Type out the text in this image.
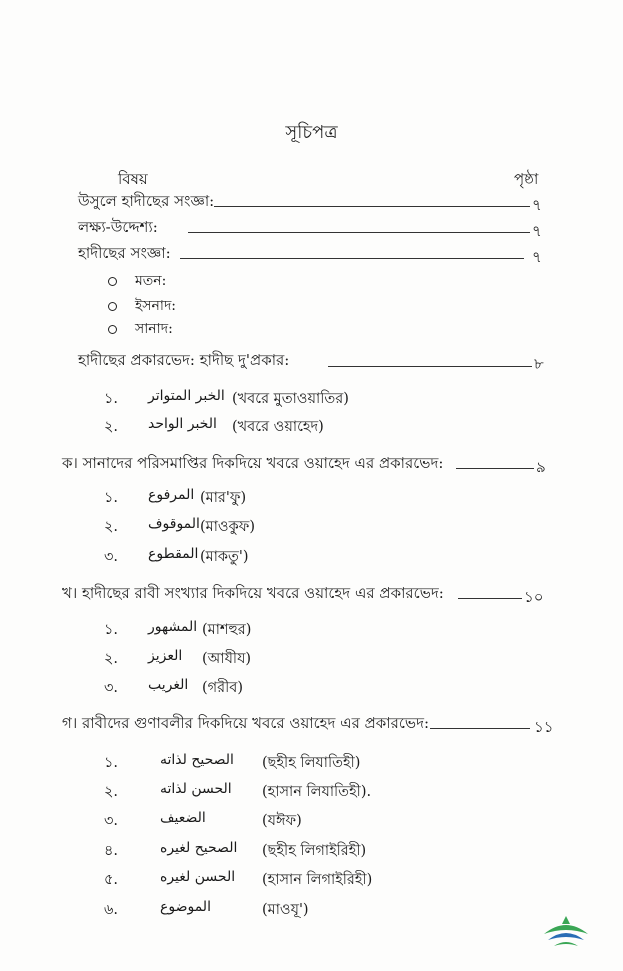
সূচিপত্র
বিষয়	পৃষ্ঠা
উসুলে হাদীছের সংজ্ঞা:	৭
লক্ষ্য-উদ্দেশ্য:	৭
হাদীছের সংজ্ঞা:	৭
মতন:
ইসনাদ:
সানাদ:
হাদীছের প্রকারভেদ: হাদীছ দু'প্রকার:	৮
১. الخبر المتواتر (খবরে মুতাওয়াতির)
২. الخبر الواحد (খবরে ওয়াহেদ)
ক। সানাদের পরিসমাপ্তির দিকদিয়ে খবরে ওয়াহেদ এর প্রকারভেদ:	৯
১. المرفوع (মার'ফু)
২. الموقوف (মাওকুফ)
৩. المقطوع (মাকতু')
খ। হাদীছের রাবী সংখ্যার দিকদিয়ে খবরে ওয়াহেদ এর প্রকারভেদ:	১০
১. المشهور (মাশহুর)
২. العزيز (আযীয)
৩. الغريب (গরীব)
গ। রাবীদের গুণাবলীর দিকদিয়ে খবরে ওয়াহেদ এর প্রকারভেদ:	১১
১.	الصحيح لذاته (ছহীহ লিযাতিহী)
২.	الحسن لذاته (হাসান লিযাতিহী).
৩.	الضعيف	(যঈফ)
৪.	الصحيح لغيره (ছহীহ লিগাইরিহী)
৫.	الحسن لغيره (হাসান লিগাইরিহী)
৬.	الموضوع	(মাওযূ')
